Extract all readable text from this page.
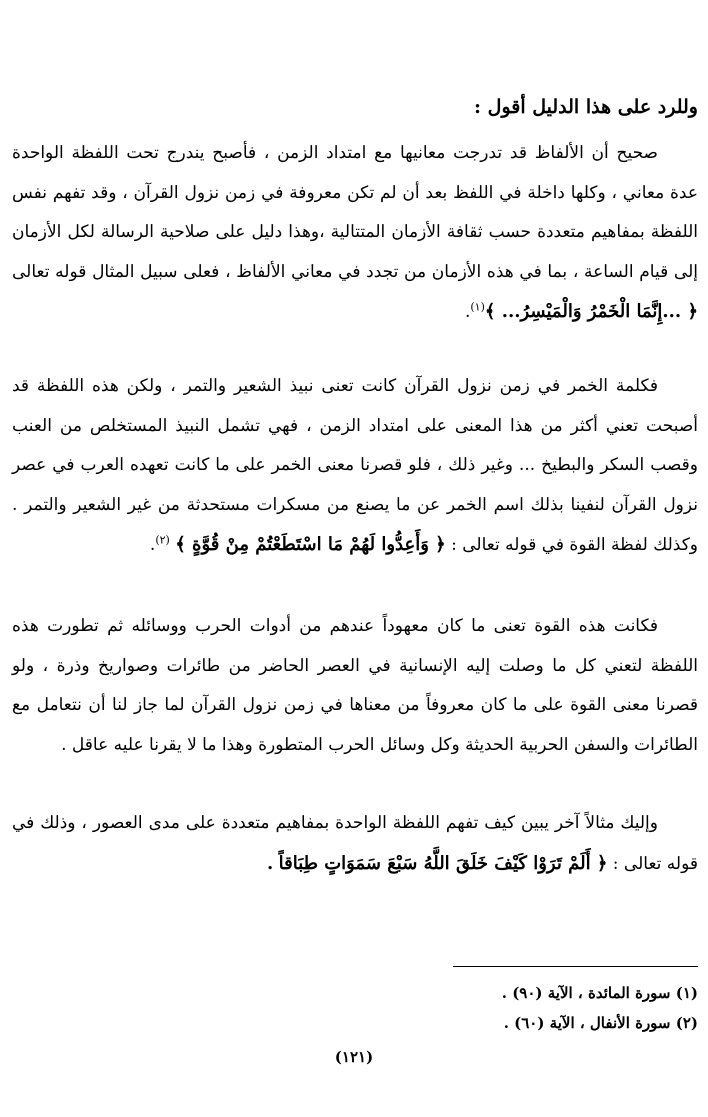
وللرد على هذا الدليل أقول :

صحيح أن الألفاظ قد تدرجت معانيها مع امتداد الزمن ، فأصبح يندرج تحت اللفظة الواحدة عدة معاني ، وكلها داخلة في اللفظ بعد أن لم تكن معروفة في زمن نزول القرآن ، وقد تفهم نفس اللفظة بمفاهيم متعددة حسب ثقافة الأزمان المتتالية ،وهذا دليل على صلاحية الرسالة لكل الأزمان إلى قيام الساعة ، بما في هذه الأزمان من تجدد في معاني الألفاظ ، فعلى سبيل المثال قوله تعالى ﴿ ...إِنَّمَا الْخَمْرُ وَالْمَيْسِرُ... ﴾$^{(١)}$.

فكلمة الخمر في زمن نزول القرآن كانت تعنى نبيذ الشعير والتمر ، ولكن هذه اللفظة قد أصبحت تعني أكثر من هذا المعنى على امتداد الزمن ، فهي تشمل النبيذ المستخلص من العنب وقصب السكر والبطيخ ... وغير ذلك ، فلو قصرنا معنى الخمر على ما كانت تعهده العرب في عصر نزول القرآن لنفينا بذلك اسم الخمر عن ما يصنع من مسكرات مستحدثة من غير الشعير والتمر . وكذلك لفظة القوة في قوله تعالى : ﴿ وَأَعِدُّوا لَهُمْ مَا اسْتَطَعْتُمْ مِنْ قُوَّةٍ ﴾ $^{(٢)}$.

فكانت هذه القوة تعنى ما كان معهوداً عندهم من أدوات الحرب ووسائله ثم تطورت هذه اللفظة لتعني كل ما وصلت إليه الإنسانية في العصر الحاضر من طائرات وصواريخ وذرة ، ولو قصرنا معنى القوة على ما كان معروفاً من معناها في زمن نزول القرآن لما جاز لنا أن نتعامل مع الطائرات والسفن الحربية الحديثة وكل وسائل الحرب المتطورة وهذا ما لا يقرنا عليه عاقل .

وإليك مثالاً آخر يبين كيف تفهم اللفظة الواحدة بمفاهيم متعددة على مدى العصور ، وذلك في قوله تعالى : ﴿ أَلَمْ تَرَوْا كَيْفَ خَلَقَ اللَّهُ سَبْعَ سَمَوَاتٍ طِبَاقاً .

(١) سورة المائدة ، الآية (٩٠) .
(٢) سورة الأنفال ، الآية (٦٠) .
(١٢١)
